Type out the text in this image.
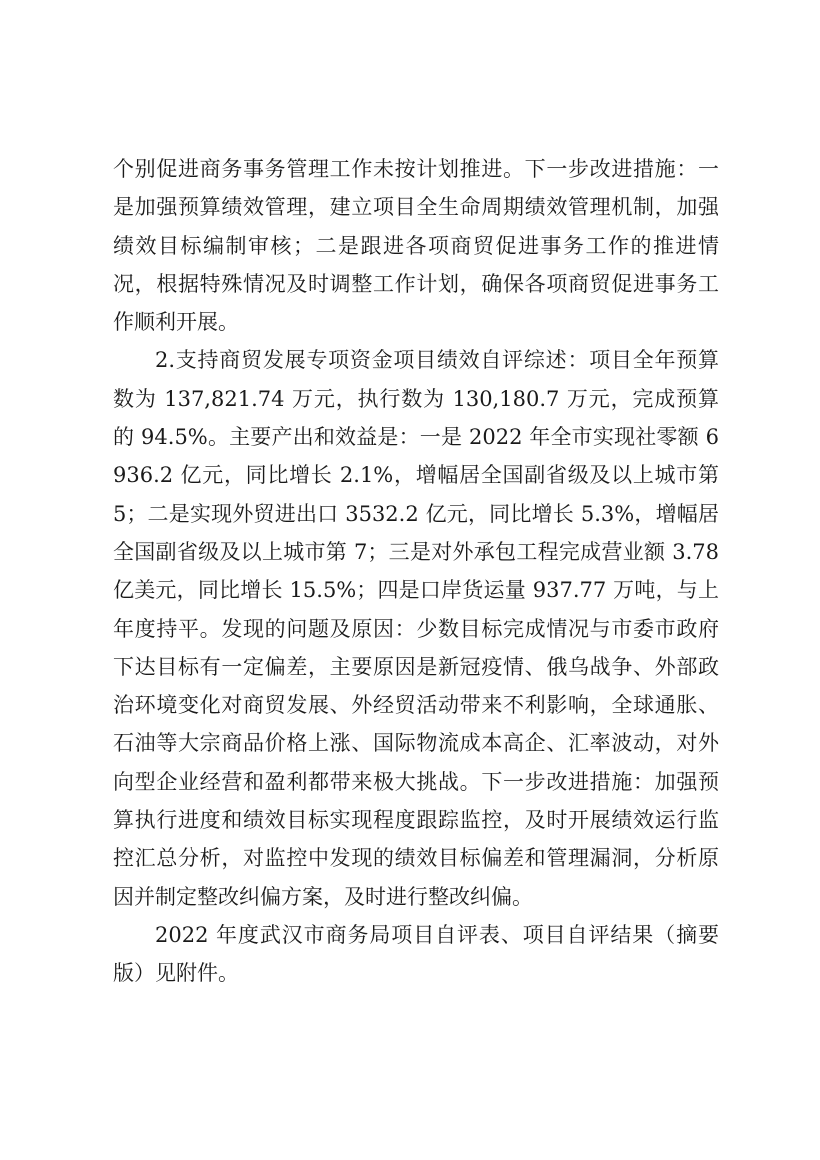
个别促进商务事务管理工作未按计划推进。下一步改进措施：一是加强预算绩效管理，建立项目全生命周期绩效管理机制，加强绩效目标编制审核；二是跟进各项商贸促进事务工作的推进情况，根据特殊情况及时调整工作计划，确保各项商贸促进事务工作顺利开展。

2.支持商贸发展专项资金项目绩效自评综述：项目全年预算数为 137,821.74 万元，执行数为 130,180.7 万元，完成预算的 94.5%。主要产出和效益是：一是 2022 年全市实现社零额 6936.2 亿元，同比增长 2.1%，增幅居全国副省级及以上城市第 5；二是实现外贸进出口 3532.2 亿元，同比增长 5.3%，增幅居全国副省级及以上城市第 7；三是对外承包工程完成营业额 3.78 亿美元，同比增长 15.5%；四是口岸货运量 937.77 万吨，与上年度持平。发现的问题及原因：少数目标完成情况与市委市政府下达目标有一定偏差，主要原因是新冠疫情、俄乌战争、外部政治环境变化对商贸发展、外经贸活动带来不利影响，全球通胀、石油等大宗商品价格上涨、国际物流成本高企、汇率波动，对外向型企业经营和盈利都带来极大挑战。下一步改进措施：加强预算执行进度和绩效目标实现程度跟踪监控，及时开展绩效运行监控汇总分析，对监控中发现的绩效目标偏差和管理漏洞，分析原因并制定整改纠偏方案，及时进行整改纠偏。

2022 年度武汉市商务局项目自评表、项目自评结果（摘要版）见附件。
